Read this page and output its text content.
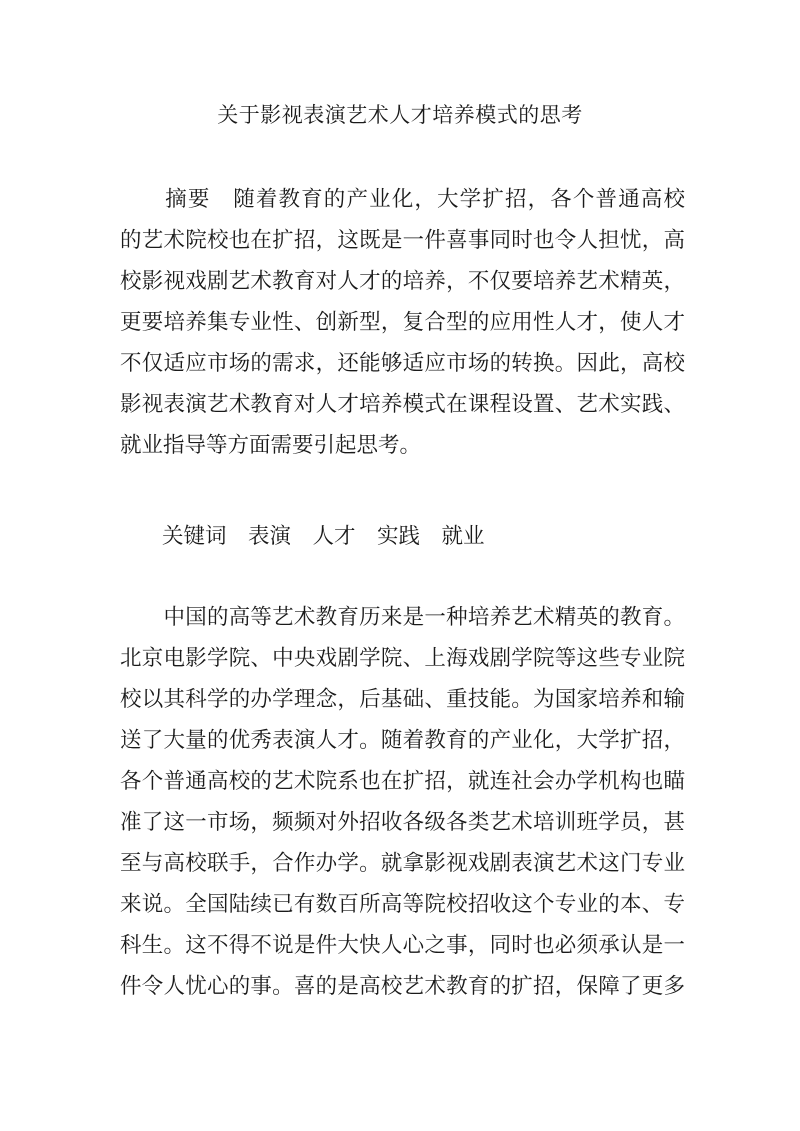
关于影视表演艺术人才培养模式的思考
　　摘要　随着教育的产业化，大学扩招，各个普通高校
的艺术院校也在扩招，这既是一件喜事同时也令人担忧，高
校影视戏剧艺术教育对人才的培养，不仅要培养艺术精英，
更要培养集专业性、创新型，复合型的应用性人才，使人才
不仅适应市场的需求，还能够适应市场的转换。因此，高校
影视表演艺术教育对人才培养模式在课程设置、艺术实践、
就业指导等方面需要引起思考。
关键词　表演　人才　实践　就业
　　中国的高等艺术教育历来是一种培养艺术精英的教育。
北京电影学院、中央戏剧学院、上海戏剧学院等这些专业院
校以其科学的办学理念，后基础、重技能。为国家培养和输
送了大量的优秀表演人才。随着教育的产业化，大学扩招，
各个普通高校的艺术院系也在扩招，就连社会办学机构也瞄
准了这一市场，频频对外招收各级各类艺术培训班学员，甚
至与高校联手，合作办学。就拿影视戏剧表演艺术这门专业
来说。全国陆续已有数百所高等院校招收这个专业的本、专
科生。这不得不说是件大快人心之事，同时也必须承认是一
件令人忧心的事。喜的是高校艺术教育的扩招，保障了更多
